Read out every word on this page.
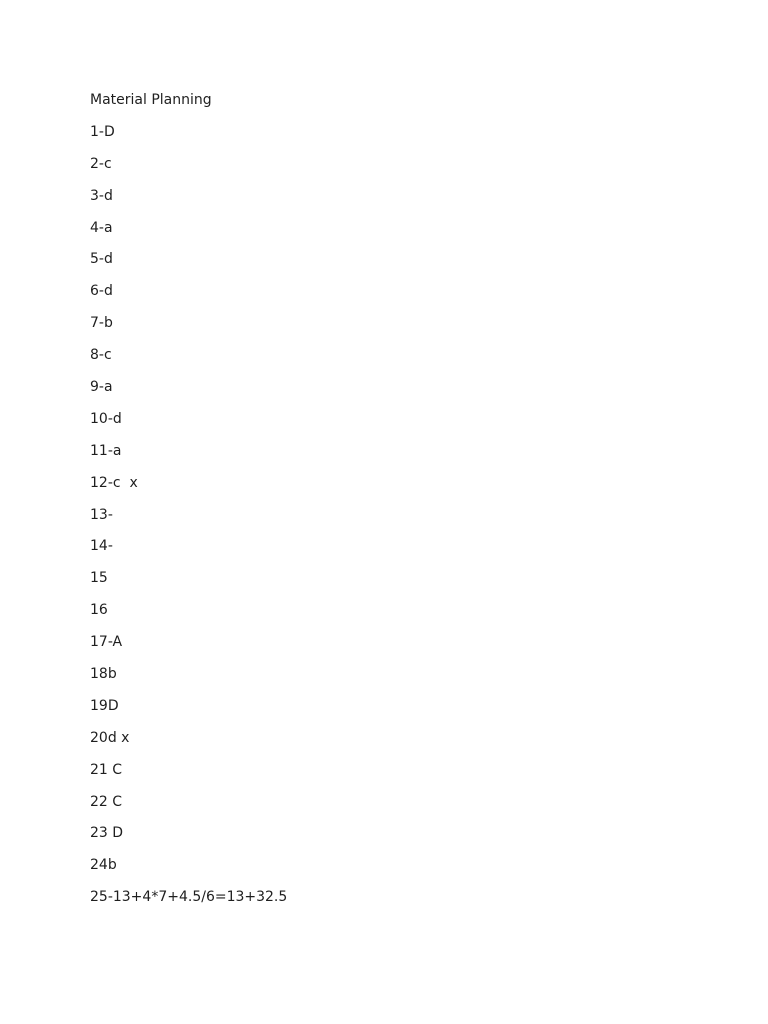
Material Planning
1-D
2-c
3-d
4-a
5-d
6-d
7-b
8-c
9-a
10-d
11-a
12-c  x
13-
14-
15
16
17-A
18b
19D
20d x
21 C
22 C
23 D
24b
25-13+4*7+4.5/6=13+32.5
